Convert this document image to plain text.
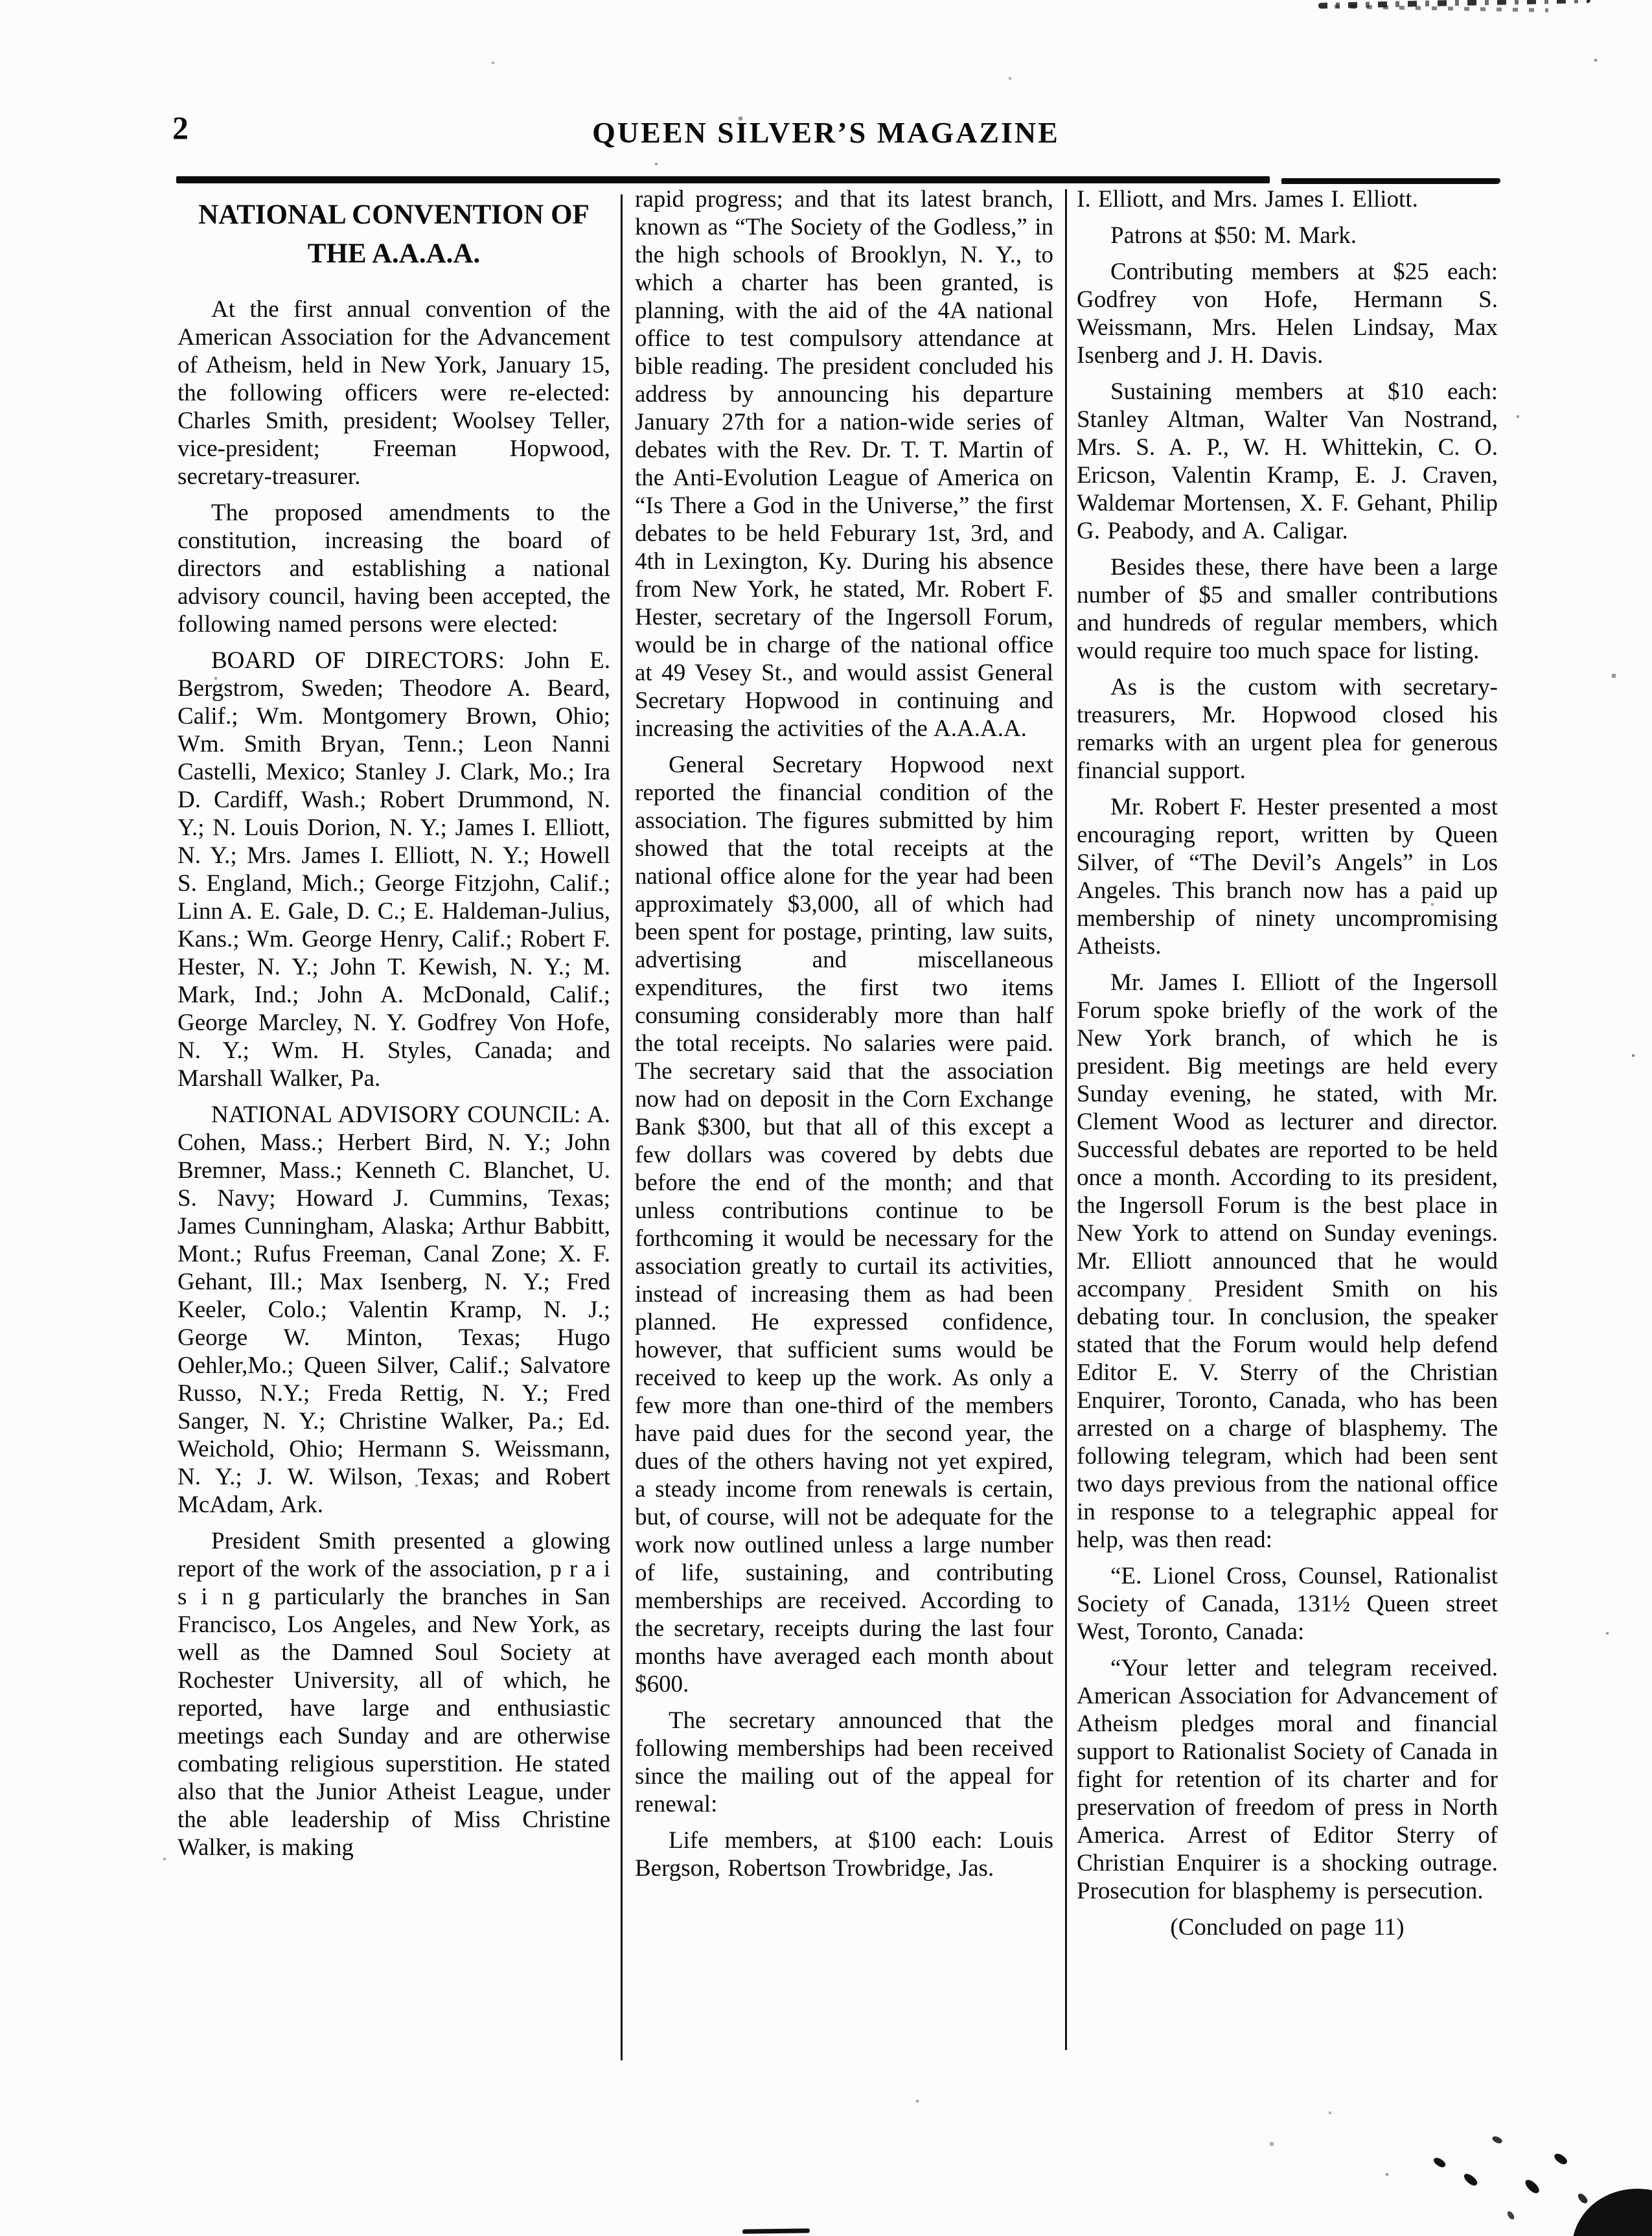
2	QUEEN SILVER’S MAGAZINE
NATIONAL CONVENTION OF
THE A.A.A.A.

At the first annual convention of the American Association for the Advancement of Atheism, held in New York, January 15, the following officers were re-elected: Charles Smith, president; Woolsey Teller, vice-president; Freeman Hopwood, secretary-treasurer.

The proposed amendments to the constitution, increasing the board of directors and establishing a national advisory council, having been accepted, the following named persons were elected:

BOARD OF DIRECTORS: John E. Bergstrom, Sweden; Theodore A. Beard, Calif.; Wm. Montgomery Brown, Ohio; Wm. Smith Bryan, Tenn.; Leon Nanni Castelli, Mexico; Stanley J. Clark, Mo.; Ira D. Cardiff, Wash.; Robert Drummond, N. Y.; N. Louis Dorion, N. Y.; James I. Elliott, N. Y.; Mrs. James I. Elliott, N. Y.; Howell S. England, Mich.; George Fitzjohn, Calif.; Linn A. E. Gale, D. C.; E. Haldeman-Julius, Kans.; Wm. George Henry, Calif.; Robert F. Hester, N. Y.; John T. Kewish, N. Y.; M. Mark, Ind.; John A. McDonald, Calif.; George Marcley, N. Y. Godfrey Von Hofe, N. Y.; Wm. H. Styles, Canada; and Marshall Walker, Pa.

NATIONAL ADVISORY COUNCIL: A. Cohen, Mass.; Herbert Bird, N. Y.; John Bremner, Mass.; Kenneth C. Blanchet, U. S. Navy; Howard J. Cummins, Texas; James Cunningham, Alaska; Arthur Babbitt, Mont.; Rufus Freeman, Canal Zone; X. F. Gehant, Ill.; Max Isenberg, N. Y.; Fred Keeler, Colo.; Valentin Kramp, N. J.; George W. Minton, Texas; Hugo Oehler,Mo.; Queen Silver, Calif.; Salvatore Russo, N.Y.; Freda Rettig, N. Y.; Fred Sanger, N. Y.; Christine Walker, Pa.; Ed. Weichold, Ohio; Hermann S. Weissmann, N. Y.; J. W. Wilson, Texas; and Robert McAdam, Ark.

President Smith presented a glowing report of the work of the association, p r a i s i n g particularly the branches in San Francisco, Los Angeles, and New York, as well as the Damned Soul Society at Rochester University, all of which, he reported, have large and enthusiastic meetings each Sunday and are otherwise combating religious superstition. He stated also that the Junior Atheist League, under the able leadership of Miss Christine Walker, is making

rapid progress; and that its latest branch, known as “The Society of the Godless,” in the high schools of Brooklyn, N. Y., to which a charter has been granted, is planning, with the aid of the 4A national office to test compulsory attendance at bible reading. The president concluded his address by announcing his departure January 27th for a nation-wide series of debates with the Rev. Dr. T. T. Martin of the Anti-Evolution League of America on “Is There a God in the Universe,” the first debates to be held Feburary 1st, 3rd, and 4th in Lexington, Ky. During his absence from New York, he stated, Mr. Robert F. Hester, secretary of the Ingersoll Forum, would be in charge of the national office at 49 Vesey St., and would assist General Secretary Hopwood in continuing and increasing the activities of the A.A.A.A.

General Secretary Hopwood next reported the financial condition of the association. The figures submitted by him showed that the total receipts at the national office alone for the year had been approximately $3,000, all of which had been spent for postage, printing, law suits, advertising and miscellaneous expenditures, the first two items consuming considerably more than half the total receipts. No salaries were paid. The secretary said that the association now had on deposit in the Corn Exchange Bank $300, but that all of this except a few dollars was covered by debts due before the end of the month; and that unless contributions continue to be forthcoming it would be necessary for the association greatly to curtail its activities, instead of increasing them as had been planned. He expressed confidence, however, that sufficient sums would be received to keep up the work. As only a few more than one-third of the members have paid dues for the second year, the dues of the others having not yet expired, a steady income from renewals is certain, but, of course, will not be adequate for the work now outlined unless a large number of life, sustaining, and contributing memberships are received. According to the secretary, receipts during the last four months have averaged each month about $600.

The secretary announced that the following memberships had been received since the mailing out of the appeal for renewal:

Life members, at $100 each: Louis Bergson, Robertson Trowbridge, Jas.

I. Elliott, and Mrs. James I. Elliott.

Patrons at $50: M. Mark.

Contributing members at $25 each: Godfrey von Hofe, Hermann S. Weissmann, Mrs. Helen Lindsay, Max Isenberg and J. H. Davis.

Sustaining members at $10 each: Stanley Altman, Walter Van Nostrand, Mrs. S. A. P., W. H. Whittekin, C. O. Ericson, Valentin Kramp, E. J. Craven, Waldemar Mortensen, X. F. Gehant, Philip G. Peabody, and A. Caligar.

Besides these, there have been a large number of $5 and smaller contributions and hundreds of regular members, which would require too much space for listing.

As is the custom with secretary-treasurers, Mr. Hopwood closed his remarks with an urgent plea for generous financial support.

Mr. Robert F. Hester presented a most encouraging report, written by Queen Silver, of “The Devil’s Angels” in Los Angeles. This branch now has a paid up membership of ninety uncompromising Atheists.

Mr. James I. Elliott of the Ingersoll Forum spoke briefly of the work of the New York branch, of which he is president. Big meetings are held every Sunday evening, he stated, with Mr. Clement Wood as lecturer and director. Successful debates are reported to be held once a month. According to its president, the Ingersoll Forum is the best place in New York to attend on Sunday evenings. Mr. Elliott announced that he would accompany President Smith on his debating tour. In conclusion, the speaker stated that the Forum would help defend Editor E. V. Sterry of the Christian Enquirer, Toronto, Canada, who has been arrested on a charge of blasphemy. The following telegram, which had been sent two days previous from the national office in response to a telegraphic appeal for help, was then read:

“E. Lionel Cross, Counsel, Rationalist Society of Canada, 131½ Queen street West, Toronto, Canada:

“Your letter and telegram received. American Association for Advancement of Atheism pledges moral and financial support to Rationalist Society of Canada in fight for retention of its charter and for preservation of freedom of press in North America. Arrest of Editor Sterry of Christian Enquirer is a shocking outrage. Prosecution for blasphemy is persecution.

(Concluded on page 11)
